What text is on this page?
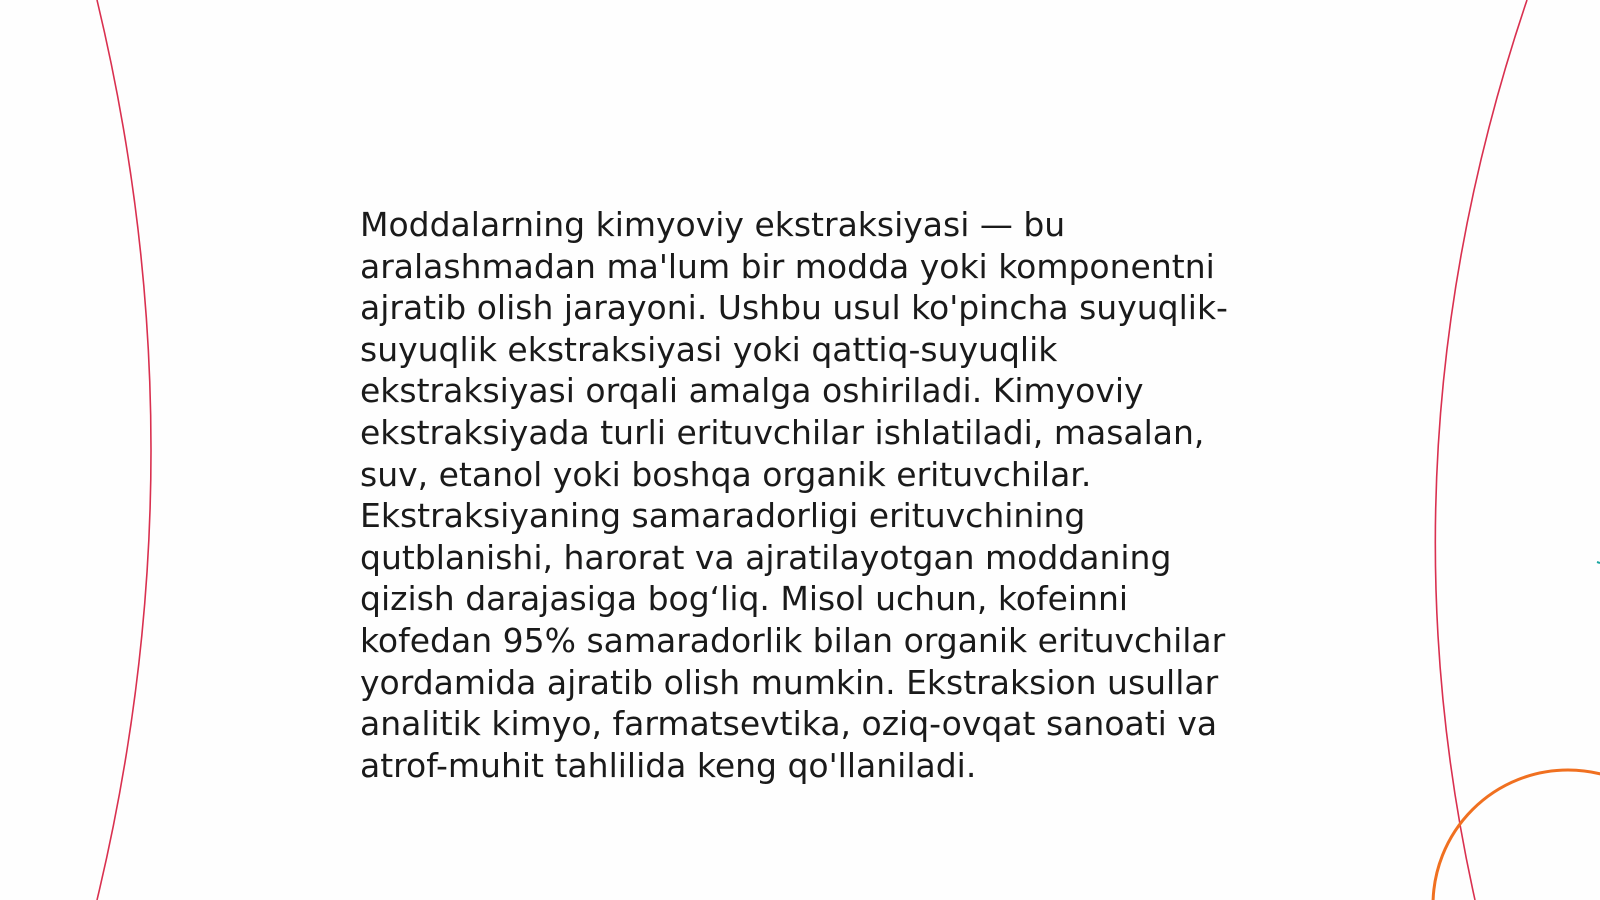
Moddalarning kimyoviy ekstraksiyasi — bu
aralashmadan ma'lum bir modda yoki komponentni
ajratib olish jarayoni. Ushbu usul ko'pincha suyuqlik-
suyuqlik ekstraksiyasi yoki qattiq-suyuqlik
ekstraksiyasi orqali amalga oshiriladi. Kimyoviy
ekstraksiyada turli erituvchilar ishlatiladi, masalan,
suv, etanol yoki boshqa organik erituvchilar.
Ekstraksiyaning samaradorligi erituvchining
qutblanishi, harorat va ajratilayotgan moddaning
qizish darajasiga bog‘liq. Misol uchun, kofeinni
kofedan 95% samaradorlik bilan organik erituvchilar
yordamida ajratib olish mumkin. Ekstraksion usullar
analitik kimyo, farmatsevtika, oziq-ovqat sanoati va
atrof-muhit tahlilida keng qo'llaniladi.
